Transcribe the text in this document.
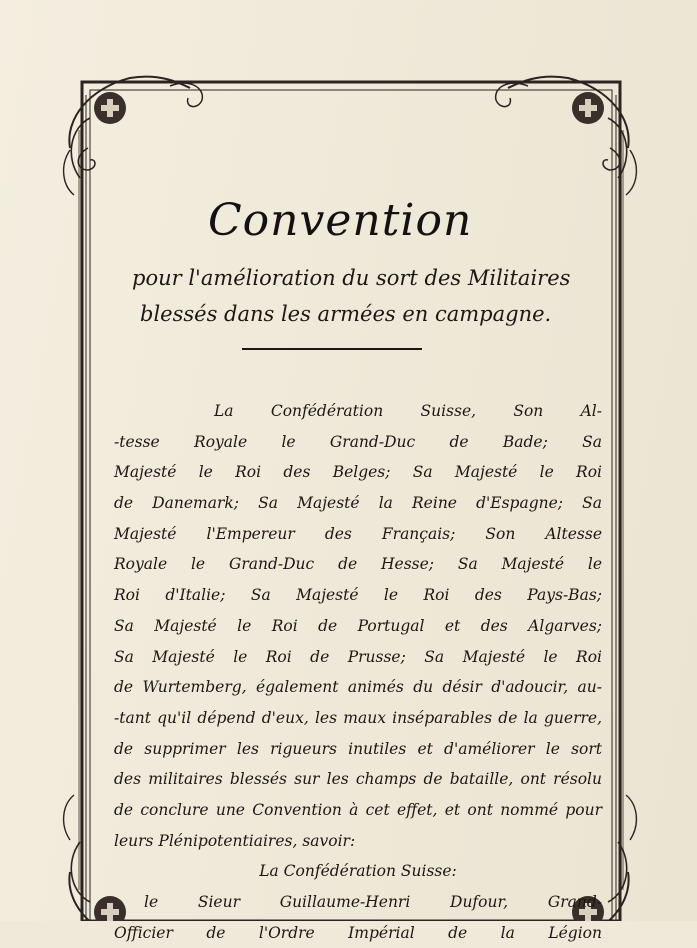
Convention
pour l'amélioration du sort des Militaires
blessés dans les armées en campagne.
La Confédération Suisse, Son Al-
-tesse Royale le Grand-Duc de Bade; Sa
Majesté le Roi des Belges; Sa Majesté le Roi
de Danemark; Sa Majesté la Reine d'Espagne; Sa
Majesté l'Empereur des Français; Son Altesse
Royale le Grand-Duc de Hesse; Sa Majesté le
Roi d'Italie; Sa Majesté le Roi des Pays-Bas;
Sa Majesté le Roi de Portugal et des Algarves;
Sa Majesté le Roi de Prusse; Sa Majesté le Roi
de Wurtemberg, également animés du désir d'adoucir, au-
-tant qu'il dépend d'eux, les maux inséparables de la guerre,
de supprimer les rigueurs inutiles et d'améliorer le sort
des militaires blessés sur les champs de bataille, ont résolu
de conclure une Convention à cet effet, et ont nommé pour
leurs Plénipotentiaires, savoir:
La Confédération Suisse:
le Sieur Guillaume-Henri Dufour, Grand-
Officier de l'Ordre Impérial de la Légion
